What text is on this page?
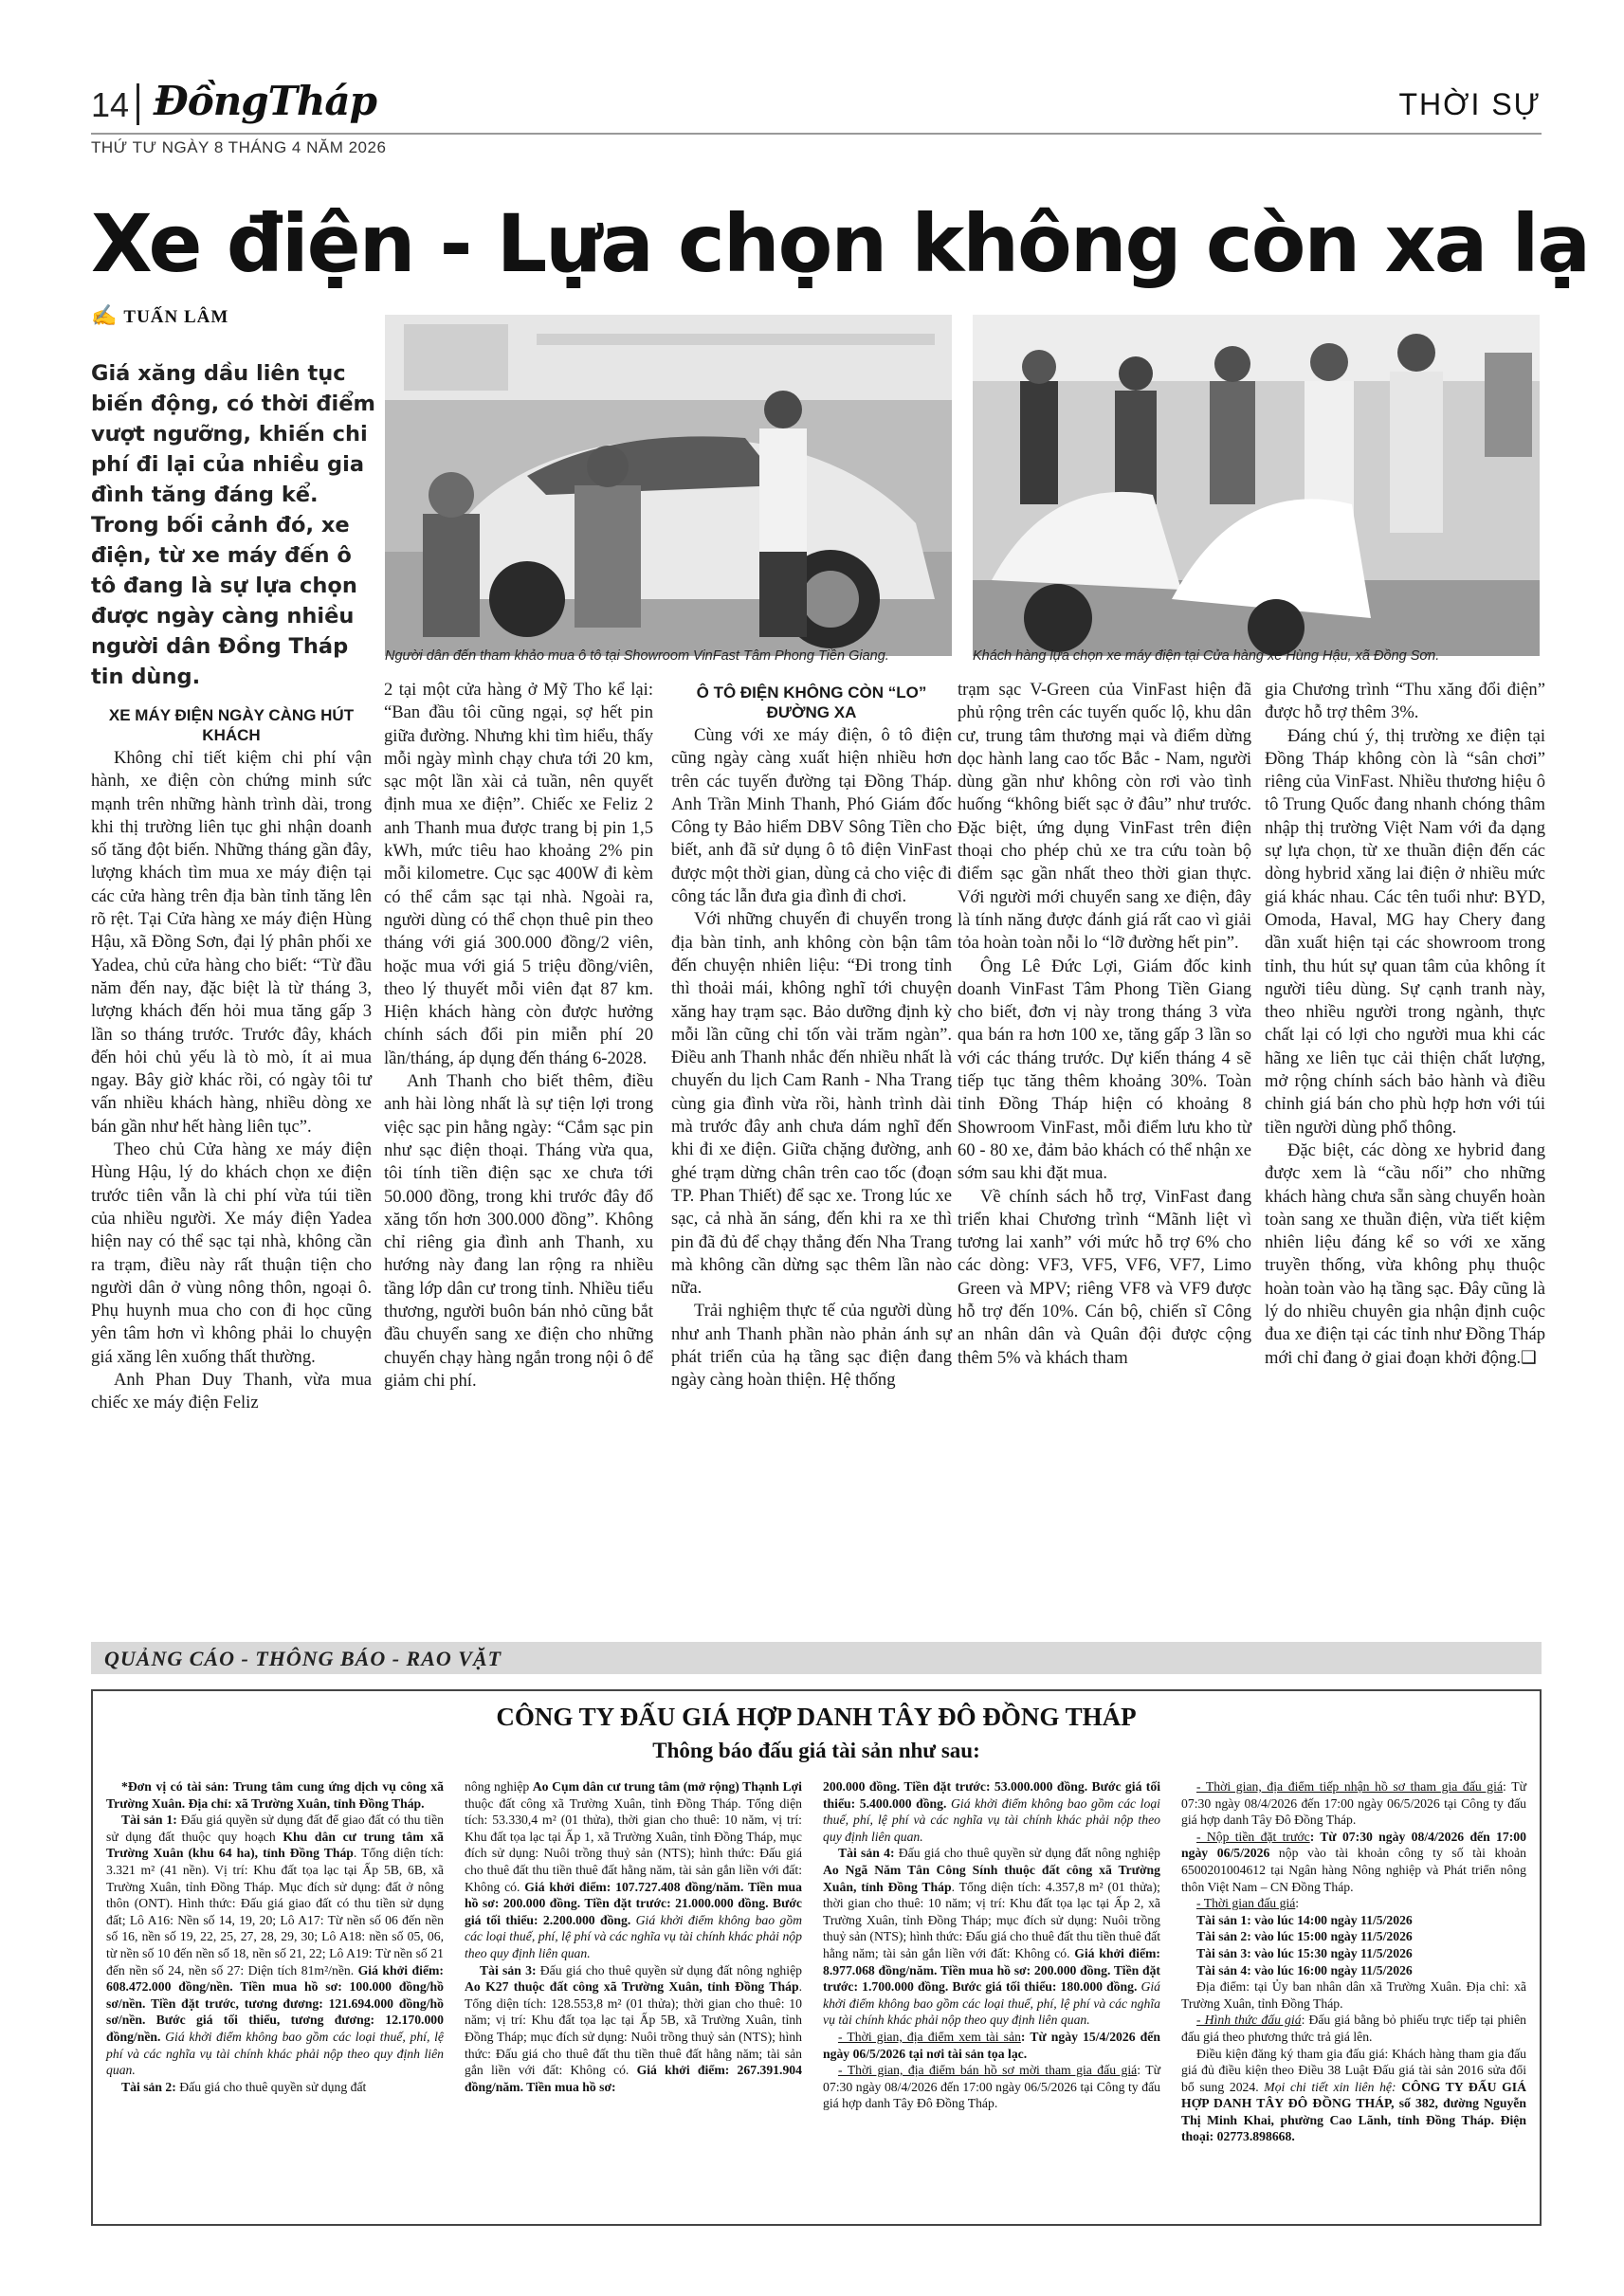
14 ĐồngTháp	THỜI SỰ
THỨ TƯ NGÀY 8 THÁNG 4 NĂM 2026
Xe điện - Lựa chọn không còn xa lạ
✍ TUẤN LÂM
Giá xăng dầu liên tục biến động, có thời điểm vượt ngưỡng, khiến chi phí đi lại của nhiều gia đình tăng đáng kể. Trong bối cảnh đó, xe điện, từ xe máy đến ô tô đang là sự lựa chọn được ngày càng nhiều người dân Đồng Tháp tin dùng.
Người dân đến tham khảo mua ô tô tại Showroom VinFast Tâm Phong Tiền Giang.	Khách hàng lựa chọn xe máy điện tại Cửa hàng xe Hùng Hậu, xã Đồng Sơn.
XE MÁY ĐIỆN NGÀY CÀNG HÚT KHÁCH

Không chỉ tiết kiệm chi phí vận hành, xe điện còn chứng minh sức mạnh trên những hành trình dài, trong khi thị trường liên tục ghi nhận doanh số tăng đột biến. Những tháng gần đây, lượng khách tìm mua xe máy điện tại các cửa hàng trên địa bàn tỉnh tăng lên rõ rệt. Tại Cửa hàng xe máy điện Hùng Hậu, xã Đồng Sơn, đại lý phân phối xe Yadea, chủ cửa hàng cho biết: “Từ đầu năm đến nay, đặc biệt là từ tháng 3, lượng khách đến hỏi mua tăng gấp 3 lần so tháng trước. Trước đây, khách đến hỏi chủ yếu là tò mò, ít ai mua ngay. Bây giờ khác rồi, có ngày tôi tư vấn nhiều khách hàng, nhiều dòng xe bán gần như hết hàng liên tục”.

Theo chủ Cửa hàng xe máy điện Hùng Hậu, lý do khách chọn xe điện trước tiên vẫn là chi phí vừa túi tiền của nhiều người. Xe máy điện Yadea hiện nay có thể sạc tại nhà, không cần ra trạm, điều này rất thuận tiện cho người dân ở vùng nông thôn, ngoại ô. Phụ huynh mua cho con đi học cũng yên tâm hơn vì không phải lo chuyện giá xăng lên xuống thất thường.

Anh Phan Duy Thanh, vừa mua chiếc xe máy điện Feliz

2 tại một cửa hàng ở Mỹ Tho kể lại: “Ban đầu tôi cũng ngại, sợ hết pin giữa đường. Nhưng khi tìm hiểu, thấy mỗi ngày mình chạy chưa tới 20 km, sạc một lần xài cả tuần, nên quyết định mua xe điện”. Chiếc xe Feliz 2 anh Thanh mua được trang bị pin 1,5 kWh, mức tiêu hao khoảng 2% pin mỗi kilometre. Cục sạc 400W đi kèm có thể cắm sạc tại nhà. Ngoài ra, người dùng có thể chọn thuê pin theo tháng với giá 300.000 đồng/2 viên, hoặc mua với giá 5 triệu đồng/viên, theo lý thuyết mỗi viên đạt 87 km. Hiện khách hàng còn được hưởng chính sách đổi pin miễn phí 20 lần/tháng, áp dụng đến tháng 6-2028.

Anh Thanh cho biết thêm, điều anh hài lòng nhất là sự tiện lợi trong việc sạc pin hằng ngày: “Cắm sạc pin như sạc điện thoại. Tháng vừa qua, tôi tính tiền điện sạc xe chưa tới 50.000 đồng, trong khi trước đây đổ xăng tốn hơn 300.000 đồng”. Không chỉ riêng gia đình anh Thanh, xu hướng này đang lan rộng ra nhiều tầng lớp dân cư trong tỉnh. Nhiều tiểu thương, người buôn bán nhỏ cũng bắt đầu chuyển sang xe điện cho những chuyến chạy hàng ngắn trong nội ô để giảm chi phí.

Ô TÔ ĐIỆN KHÔNG CÒN “LO” ĐƯỜNG XA

Cùng với xe máy điện, ô tô điện cũng ngày càng xuất hiện nhiều hơn trên các tuyến đường tại Đồng Tháp. Anh Trần Minh Thanh, Phó Giám đốc Công ty Bảo hiểm DBV Sông Tiền cho biết, anh đã sử dụng ô tô điện VinFast được một thời gian, dùng cả cho việc đi công tác lẫn đưa gia đình đi chơi.

Với những chuyến đi chuyển trong địa bàn tỉnh, anh không còn bận tâm đến chuyện nhiên liệu: “Đi trong tỉnh thì thoải mái, không nghĩ tới chuyện xăng hay trạm sạc. Bảo dưỡng định kỳ mỗi lần cũng chỉ tốn vài trăm ngàn”. Điều anh Thanh nhắc đến nhiều nhất là chuyến du lịch Cam Ranh - Nha Trang cùng gia đình vừa rồi, hành trình dài mà trước đây anh chưa dám nghĩ đến khi đi xe điện. Giữa chặng đường, anh ghé trạm dừng chân trên cao tốc (đoạn TP. Phan Thiết) để sạc xe. Trong lúc xe sạc, cả nhà ăn sáng, đến khi ra xe thì pin đã đủ để chạy thẳng đến Nha Trang mà không cần dừng sạc thêm lần nào nữa.

Trải nghiệm thực tế của người dùng như anh Thanh phần nào phản ánh sự phát triển của hạ tầng sạc điện đang ngày càng hoàn thiện. Hệ thống

trạm sạc V-Green của VinFast hiện đã phủ rộng trên các tuyến quốc lộ, khu dân cư, trung tâm thương mại và điểm dừng dọc hành lang cao tốc Bắc - Nam, người dùng gần như không còn rơi vào tình huống “không biết sạc ở đâu” như trước. Đặc biệt, ứng dụng VinFast trên điện thoại cho phép chủ xe tra cứu toàn bộ điểm sạc gần nhất theo thời gian thực. Với người mới chuyển sang xe điện, đây là tính năng được đánh giá rất cao vì giải tỏa hoàn toàn nỗi lo “lỡ đường hết pin”.

Ông Lê Đức Lợi, Giám đốc kinh doanh VinFast Tâm Phong Tiền Giang cho biết, đơn vị này trong tháng 3 vừa qua bán ra hơn 100 xe, tăng gấp 3 lần so với các tháng trước. Dự kiến tháng 4 sẽ tiếp tục tăng thêm khoảng 30%. Toàn tỉnh Đồng Tháp hiện có khoảng 8 Showroom VinFast, mỗi điểm lưu kho từ 60 - 80 xe, đảm bảo khách có thể nhận xe sớm sau khi đặt mua.

Về chính sách hỗ trợ, VinFast đang triển khai Chương trình “Mãnh liệt vì tương lai xanh” với mức hỗ trợ 6% cho các dòng: VF3, VF5, VF6, VF7, Limo Green và MPV; riêng VF8 và VF9 được hỗ trợ đến 10%. Cán bộ, chiến sĩ Công an nhân dân và Quân đội được cộng thêm 5% và khách tham

gia Chương trình “Thu xăng đổi điện” được hỗ trợ thêm 3%.

Đáng chú ý, thị trường xe điện tại Đồng Tháp không còn là “sân chơi” riêng của VinFast. Nhiều thương hiệu ô tô Trung Quốc đang nhanh chóng thâm nhập thị trường Việt Nam với đa dạng sự lựa chọn, từ xe thuần điện đến các dòng hybrid xăng lai điện ở nhiều mức giá khác nhau. Các tên tuổi như: BYD, Omoda, Haval, MG hay Chery đang dần xuất hiện tại các showroom trong tỉnh, thu hút sự quan tâm của không ít người tiêu dùng. Sự cạnh tranh này, theo nhiều người trong ngành, thực chất lại có lợi cho người mua khi các hãng xe liên tục cải thiện chất lượng, mở rộng chính sách bảo hành và điều chỉnh giá bán cho phù hợp hơn với túi tiền người dùng phổ thông.

Đặc biệt, các dòng xe hybrid đang được xem là “cầu nối” cho những khách hàng chưa sẵn sàng chuyển hoàn toàn sang xe thuần điện, vừa tiết kiệm nhiên liệu đáng kể so với xe xăng truyền thống, vừa không phụ thuộc hoàn toàn vào hạ tầng sạc. Đây cũng là lý do nhiều chuyên gia nhận định cuộc đua xe điện tại các tỉnh như Đồng Tháp mới chỉ đang ở giai đoạn khởi động.❑

QUẢNG CÁO - THÔNG BÁO - RAO VẶT
CÔNG TY ĐẤU GIÁ HỢP DANH TÂY ĐÔ ĐỒNG THÁP
Thông báo đấu giá tài sản như sau:

*Đơn vị có tài sản: Trung tâm cung ứng dịch vụ công xã Trường Xuân. Địa chỉ: xã Trường Xuân, tỉnh Đồng Tháp.

Tài sản 1: Đấu giá quyền sử dụng đất để giao đất có thu tiền sử dụng đất thuộc quy hoạch Khu dân cư trung tâm xã Trường Xuân (khu 64 ha), tỉnh Đồng Tháp. Tổng diện tích: 3.321 m² (41 nền). Vị trí: Khu đất tọa lạc tại Ấp 5B, 6B, xã Trường Xuân, tỉnh Đồng Tháp. Mục đích sử dụng: đất ở nông thôn (ONT). Hình thức: Đấu giá giao đất có thu tiền sử dụng đất; Lô A16: Nền số 14, 19, 20; Lô A17: Từ nền số 06 đến nền số 16, nền số 19, 22, 25, 27, 28, 29, 30; Lô A18: nền số 05, 06, từ nền số 10 đến nền số 18, nền số 21, 22; Lô A19: Từ nền số 21 đến nền số 24, nền số 27: Diện tích 81m²/nền. Giá khởi điểm: 608.472.000 đồng/nền. Tiền mua hồ sơ: 100.000 đồng/hồ sơ/nền. Tiền đặt trước, tương đương: 121.694.000 đồng/hồ sơ/nền. Bước giá tối thiểu, tương đương: 12.170.000 đồng/nền. Giá khởi điểm không bao gồm các loại thuế, phí, lệ phí và các nghĩa vụ tài chính khác phải nộp theo quy định liên quan.

Tài sản 2: Đấu giá cho thuê quyền sử dụng đất

nông nghiệp Ao Cụm dân cư trung tâm (mở rộng) Thạnh Lợi thuộc đất công xã Trường Xuân, tỉnh Đồng Tháp. Tổng diện tích: 53.330,4 m² (01 thửa), thời gian cho thuê: 10 năm, vị trí: Khu đất tọa lạc tại Ấp 1, xã Trường Xuân, tỉnh Đồng Tháp, mục đích sử dụng: Nuôi trồng thuỷ sản (NTS); hình thức: Đấu giá cho thuê đất thu tiền thuê đất hằng năm, tài sản gắn liền với đất: Không có. Giá khởi điểm: 107.727.408 đồng/năm. Tiền mua hồ sơ: 200.000 đồng. Tiền đặt trước: 21.000.000 đồng. Bước giá tối thiểu: 2.200.000 đồng. Giá khởi điểm không bao gồm các loại thuế, phí, lệ phí và các nghĩa vụ tài chính khác phải nộp theo quy định liên quan.

Tài sản 3: Đấu giá cho thuê quyền sử dụng đất nông nghiệp Ao K27 thuộc đất công xã Trường Xuân, tỉnh Đồng Tháp. Tổng diện tích: 128.553,8 m² (01 thửa); thời gian cho thuê: 10 năm; vị trí: Khu đất tọa lạc tại Ấp 5B, xã Trường Xuân, tỉnh Đồng Tháp; mục đích sử dụng: Nuôi trồng thuỷ sản (NTS); hình thức: Đấu giá cho thuê đất thu tiền thuê đất hằng năm; tài sản gắn liền với đất: Không có. Giá khởi điểm: 267.391.904 đồng/năm. Tiền mua hồ sơ:

200.000 đồng. Tiền đặt trước: 53.000.000 đồng. Bước giá tối thiểu: 5.400.000 đồng. Giá khởi điểm không bao gồm các loại thuế, phí, lệ phí và các nghĩa vụ tài chính khác phải nộp theo quy định liên quan.

Tài sản 4: Đấu giá cho thuê quyền sử dụng đất nông nghiệp Ao Ngã Năm Tân Công Sính thuộc đất công xã Trường Xuân, tỉnh Đồng Tháp. Tổng diện tích: 4.357,8 m² (01 thửa); thời gian cho thuê: 10 năm; vị trí: Khu đất tọa lạc tại Ấp 2, xã Trường Xuân, tỉnh Đồng Tháp; mục đích sử dụng: Nuôi trồng thuỷ sản (NTS); hình thức: Đấu giá cho thuê đất thu tiền thuê đất hằng năm; tài sản gắn liền với đất: Không có. Giá khởi điểm: 8.977.068 đồng/năm. Tiền mua hồ sơ: 200.000 đồng. Tiền đặt trước: 1.700.000 đồng. Bước giá tối thiểu: 180.000 đồng. Giá khởi điểm không bao gồm các loại thuế, phí, lệ phí và các nghĩa vụ tài chính khác phải nộp theo quy định liên quan.

- Thời gian, địa điểm xem tài sản: Từ ngày 15/4/2026 đến ngày 06/5/2026 tại nơi tài sản tọa lạc.

- Thời gian, địa điểm bán hồ sơ mời tham gia đấu giá: Từ 07:30 ngày 08/4/2026 đến 17:00 ngày 06/5/2026 tại Công ty đấu giá hợp danh Tây Đô Đồng Tháp.

- Thời gian, địa điểm tiếp nhận hồ sơ tham gia đấu giá: Từ 07:30 ngày 08/4/2026 đến 17:00 ngày 06/5/2026 tại Công ty đấu giá hợp danh Tây Đô Đồng Tháp.

- Nộp tiền đặt trước: Từ 07:30 ngày 08/4/2026 đến 17:00 ngày 06/5/2026 nộp vào tài khoản công ty số tài khoản 6500201004612 tại Ngân hàng Nông nghiệp và Phát triển nông thôn Việt Nam – CN Đồng Tháp.

- Thời gian đấu giá:

Tài sản 1: vào lúc 14:00 ngày 11/5/2026

Tài sản 2: vào lúc 15:00 ngày 11/5/2026

Tài sản 3: vào lúc 15:30 ngày 11/5/2026

Tài sản 4: vào lúc 16:00 ngày 11/5/2026

Địa điểm: tại Ủy ban nhân dân xã Trường Xuân. Địa chỉ: xã Trường Xuân, tỉnh Đồng Tháp.

- Hình thức đấu giá: Đấu giá bằng bỏ phiếu trực tiếp tại phiên đấu giá theo phương thức trả giá lên.

Điều kiện đăng ký tham gia đấu giá: Khách hàng tham gia đấu giá đủ điều kiện theo Điều 38 Luật Đấu giá tài sản 2016 sửa đổi bổ sung 2024. Mọi chi tiết xin liên hệ: CÔNG TY ĐẤU GIÁ HỢP DANH TÂY ĐÔ ĐỒNG THÁP, số 382, đường Nguyễn Thị Minh Khai, phường Cao Lãnh, tỉnh Đồng Tháp. Điện thoại: 02773.898668.
